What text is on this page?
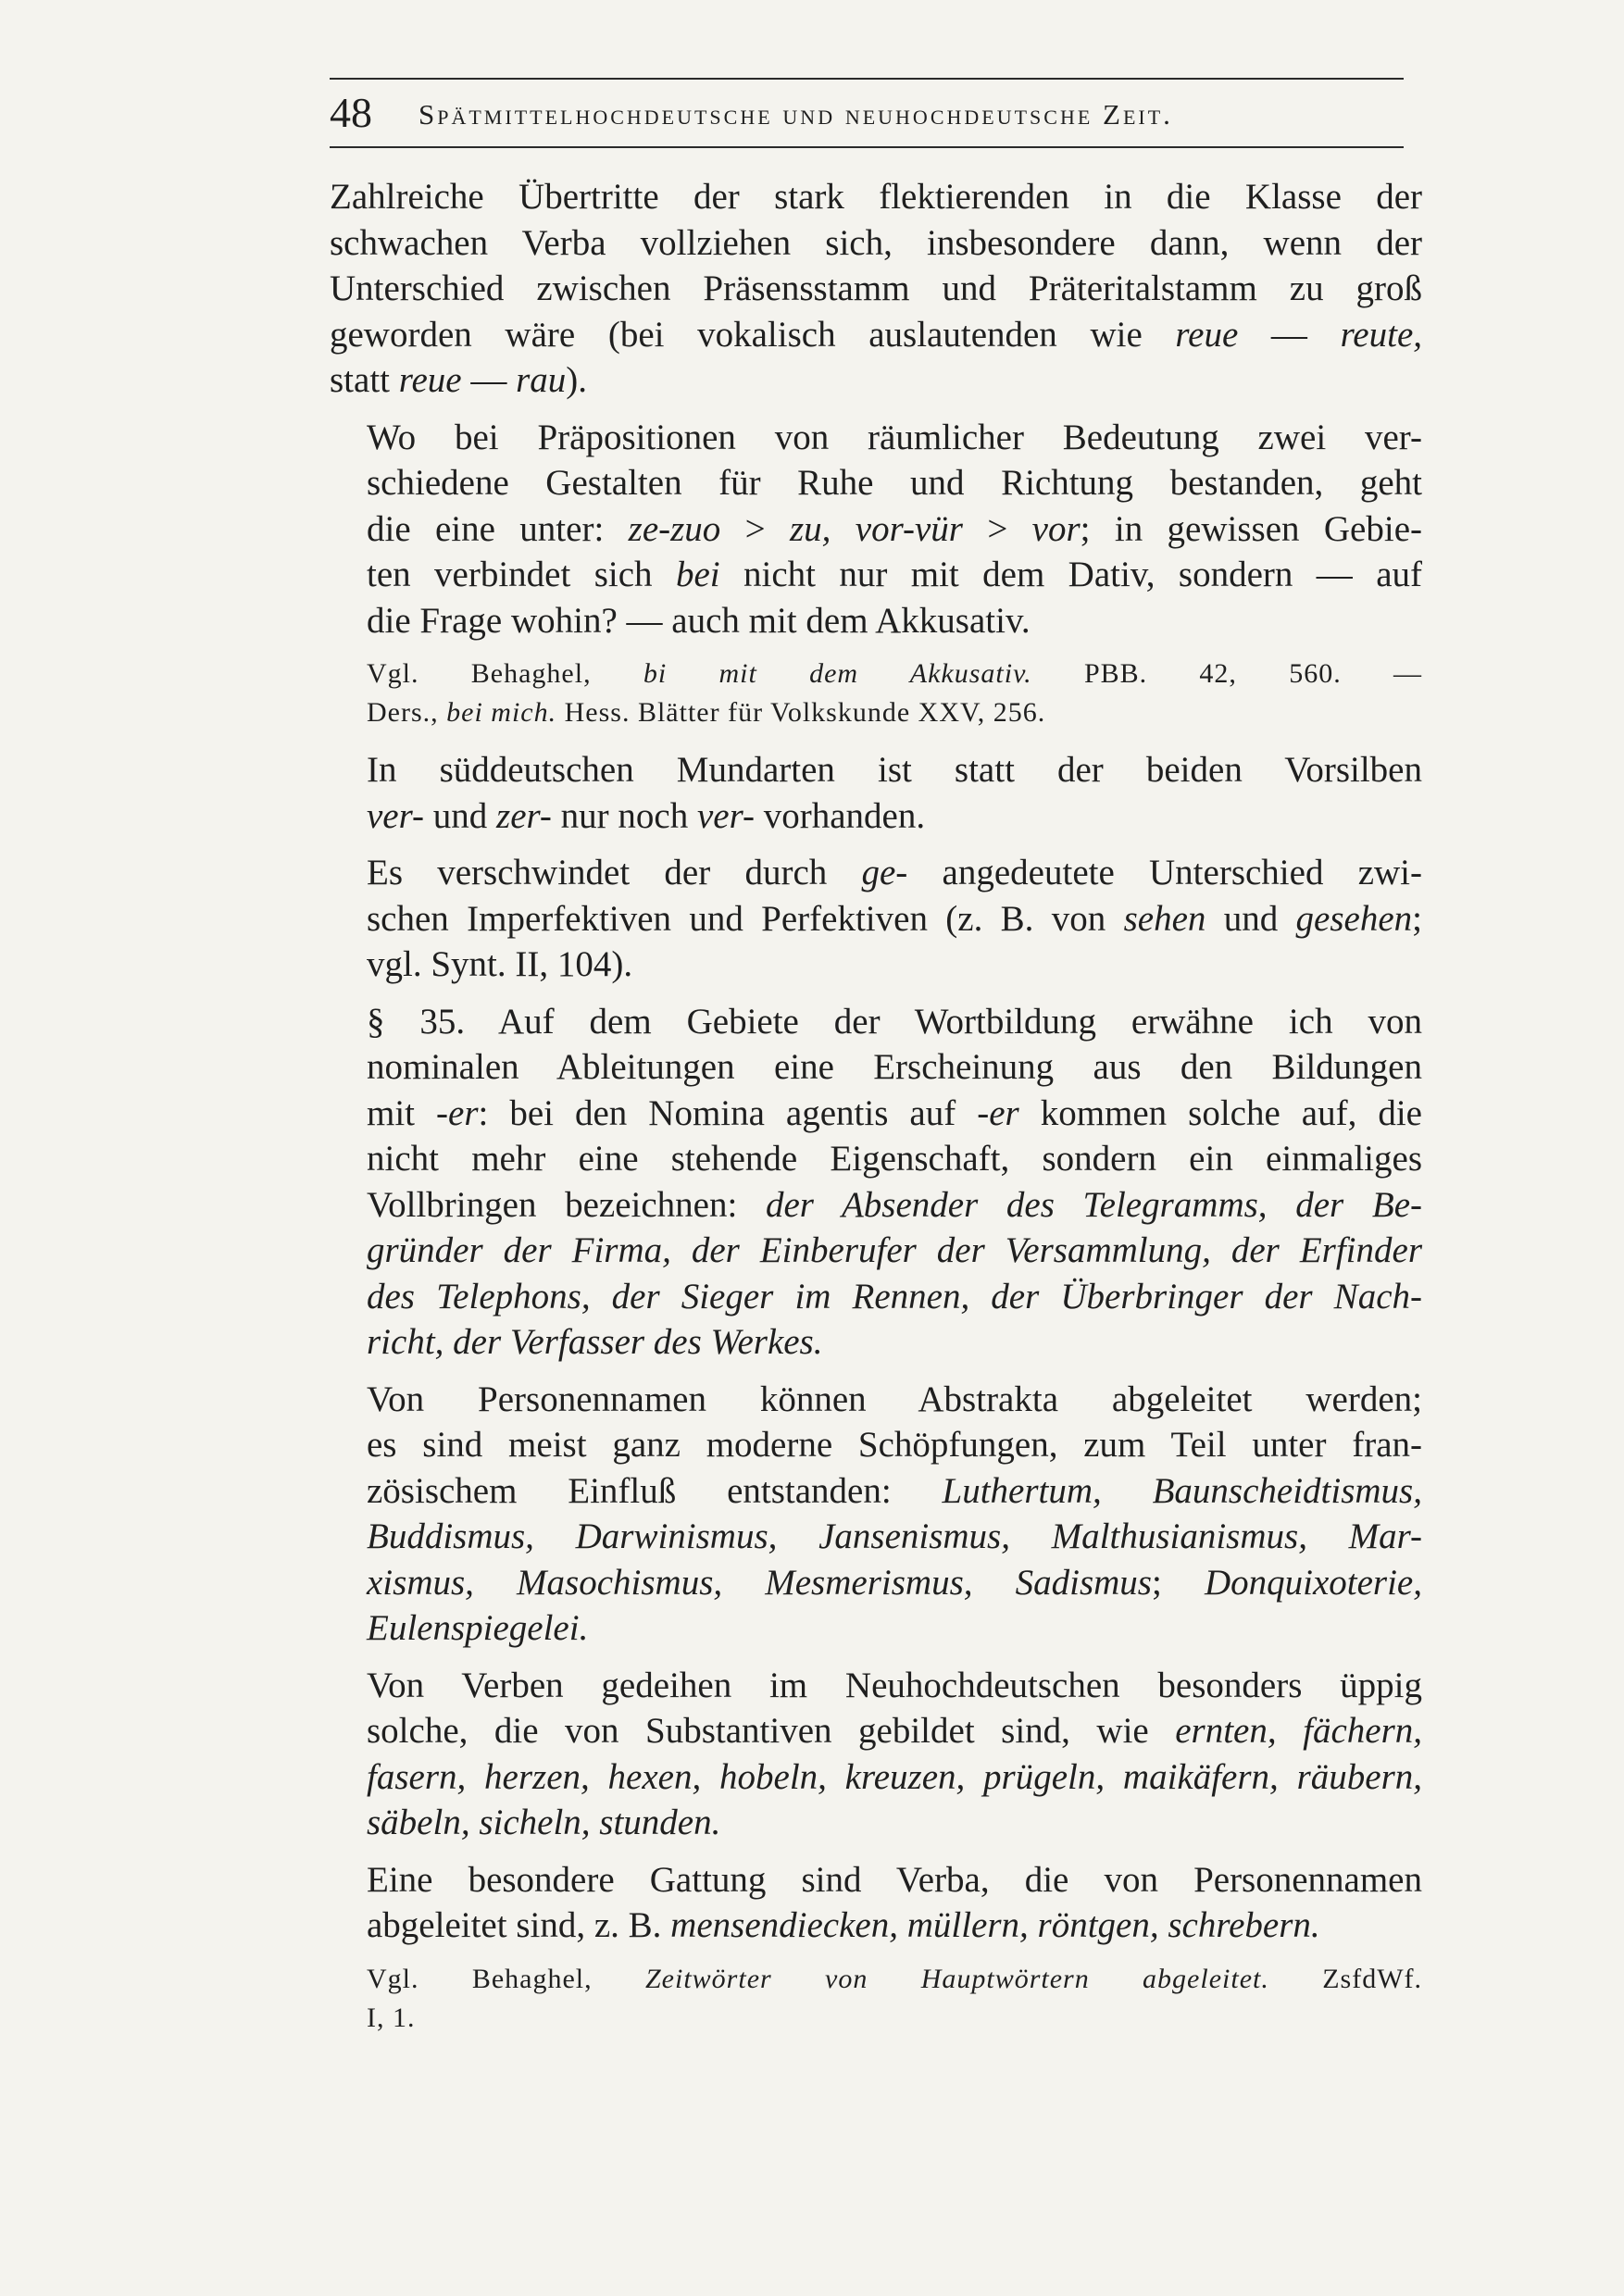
48 Spätmittelhochdeutsche und neuhochdeutsche Zeit.
Zahlreiche Übertritte der stark flektierenden in die Klasse der
schwachen Verba vollziehen sich, insbesondere dann, wenn der
Unterschied zwischen Präsensstamm und Präteritalstamm zu groß
geworden wäre (bei vokalisch auslautenden wie reue — reute,
statt reue — rau).
Wo bei Präpositionen von räumlicher Bedeutung zwei ver-
schiedene Gestalten für Ruhe und Richtung bestanden, geht
die eine unter: ze-zuo > zu, vor-vür > vor; in gewissen Gebie-
ten verbindet sich bei nicht nur mit dem Dativ, sondern — auf
die Frage wohin? — auch mit dem Akkusativ.
Vgl. Behaghel, bi mit dem Akkusativ. PBB. 42, 560. —
Ders., bei mich. Hess. Blätter für Volkskunde XXV, 256.
In süddeutschen Mundarten ist statt der beiden Vorsilben
ver- und zer- nur noch ver- vorhanden.
Es verschwindet der durch ge- angedeutete Unterschied zwi-
schen Imperfektiven und Perfektiven (z. B. von sehen und gesehen;
vgl. Synt. II, 104).
§ 35. Auf dem Gebiete der Wortbildung erwähne ich von
nominalen Ableitungen eine Erscheinung aus den Bildungen
mit -er: bei den Nomina agentis auf -er kommen solche auf, die
nicht mehr eine stehende Eigenschaft, sondern ein einmaliges
Vollbringen bezeichnen: der Absender des Telegramms, der Be-
gründer der Firma, der Einberufer der Versammlung, der Erfinder
des Telephons, der Sieger im Rennen, der Überbringer der Nach-
richt, der Verfasser des Werkes.
Von Personennamen können Abstrakta abgeleitet werden;
es sind meist ganz moderne Schöpfungen, zum Teil unter fran-
zösischem Einfluß entstanden: Luthertum, Baunscheidtismus,
Buddismus, Darwinismus, Jansenismus, Malthusianismus, Mar-
xismus, Masochismus, Mesmerismus, Sadismus; Donquixoterie,
Eulenspiegelei.
Von Verben gedeihen im Neuhochdeutschen besonders üppig
solche, die von Substantiven gebildet sind, wie ernten, fächern,
fasern, herzen, hexen, hobeln, kreuzen, prügeln, maikäfern, räubern,
säbeln, sicheln, stunden.
Eine besondere Gattung sind Verba, die von Personennamen
abgeleitet sind, z. B. mensendiecken, müllern, röntgen, schrebern.
Vgl. Behaghel, Zeitwörter von Hauptwörtern abgeleitet. ZsfdWf.
I, 1.
